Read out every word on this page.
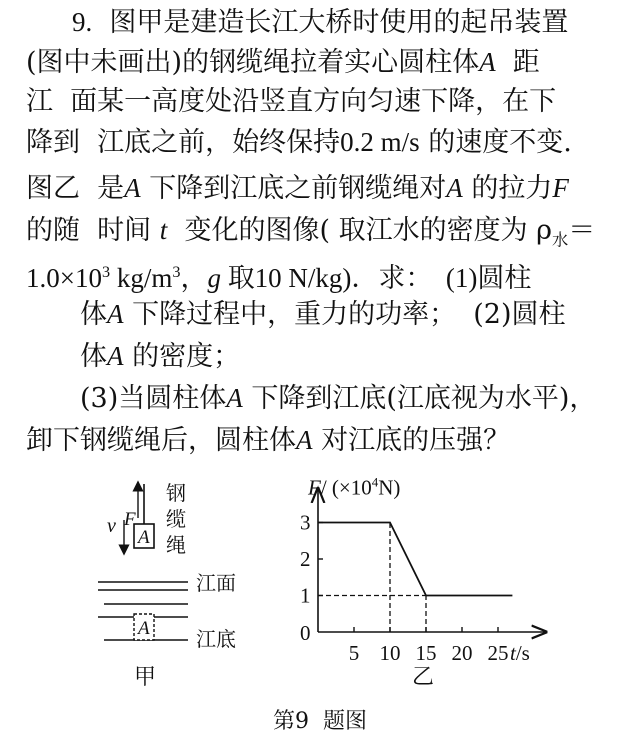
9. 图甲是建造长江大桥时使用的起吊装置
(图中未画出)的钢缆绳拉着实心圆柱体A 距
江  面某一高度处沿竖直方向匀速下降，在下
降到  江底之前，始终保持0.2 m/s 的速度不变.
图乙  是A 下降到江底之前钢缆绳对A 的拉力F
的随  时间 t 变化的图像( 取江水的密度为 $\rho_水=$
$1.0\times 10^3$ $kg/m^3$，g 取10 N/kg)．求：  (1)圆柱
体A 下降过程中，重力的功率；  (2)圆柱
体A 的密度；
(3)当圆柱体A 下降到江底(江底视为水平)，
卸下钢缆绳后，圆柱体A 对江底的压强？
A
F
v
钢
缆
绳
A
江面
江底
甲
1
2
3
5 10 15 20 25
0
F/ $(\times 10^4N)$
t/s
乙
第9  题图
